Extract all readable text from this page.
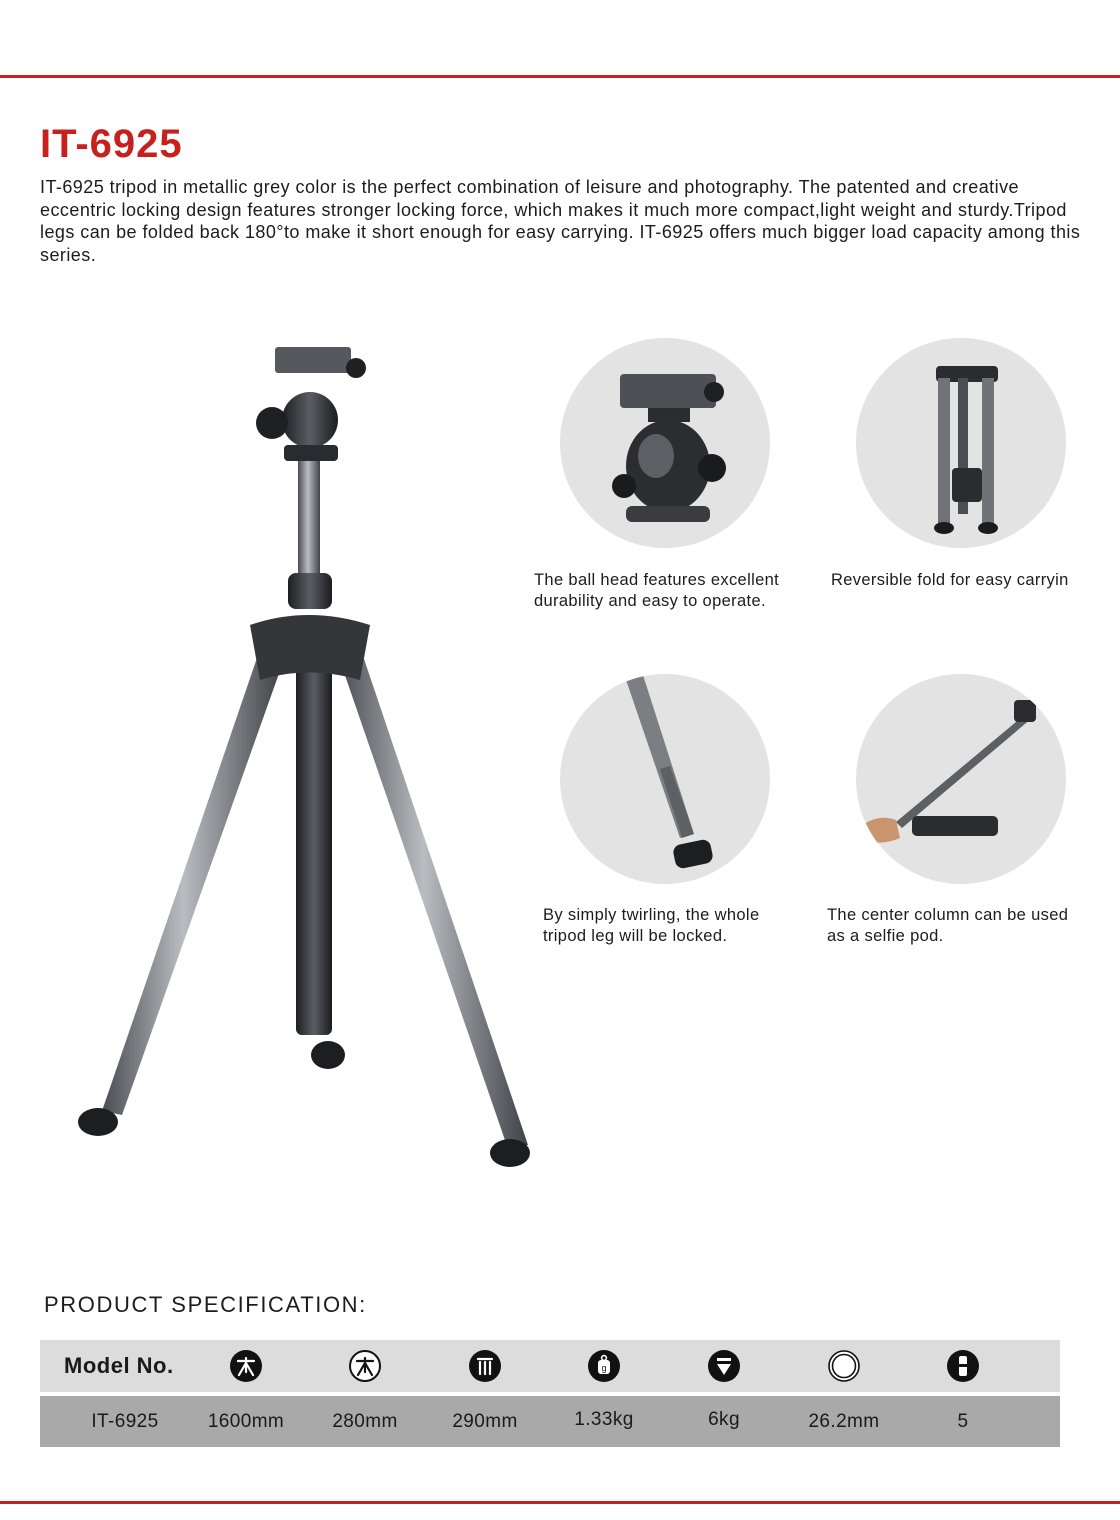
IT-6925

IT-6925 tripod in metallic grey color is the perfect combination of leisure and photography. The patented and creative eccentric locking design features stronger locking force, which makes it much more compact,light weight and sturdy.Tripod legs can be folded back 180°to make it short enough for easy carrying. IT-6925 offers much bigger load capacity among this series.

The ball head features excellent
durability and easy to operate.

Reversible fold for easy carryin

By simply twirling, the whole
tripod leg will be locked.

The center column can be used
as a selfie pod.

PRODUCT SPECIFICATION:
Model No.	g
IT-6925	1600mm	280mm	290mm	1.33kg	6kg	26.2mm	5
